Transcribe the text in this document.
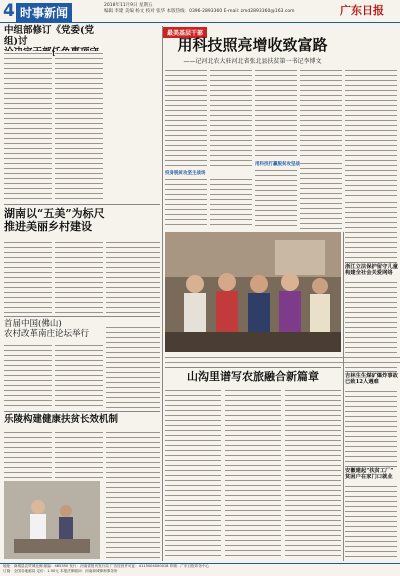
4 时事新闻
2018年11月9日 星期五
编辑 李建 美编 杨文 校对 张华 本版热线：0396-2893360 E-mail: zmd2893360@163.com	广东日报
中组部修订《党委(党组)讨
湖南以“五美”为标尺
推进美丽乡村建设
首届中国(佛山)
农村改革南庄论坛举行
乐陵构建健康扶贫长效机制
最美基层干部
用科技照亮增收致富路
——记河北农大驻河北省张北县扶贫第一书记李博文
投身脱贫攻坚主战场
用科技打赢脱贫攻坚战
浙江立法保护留守儿童
构建全社会关爱网络
吉林生生煤矿爆炸事故
已致12人遇难
安徽建起“扶贫工厂”
贫困户在家门口就业
山沟里谱写农旅融合新篇章
地址：商城县农贸城北侧 邮编：465350 发行：河南省报刊发行局 广告经营许可证：4115004000018 印刷：广东日报印务中心
订阅：全国各地邮局 定价：1.50元 本报法律顾问：河南商城律师事务所
